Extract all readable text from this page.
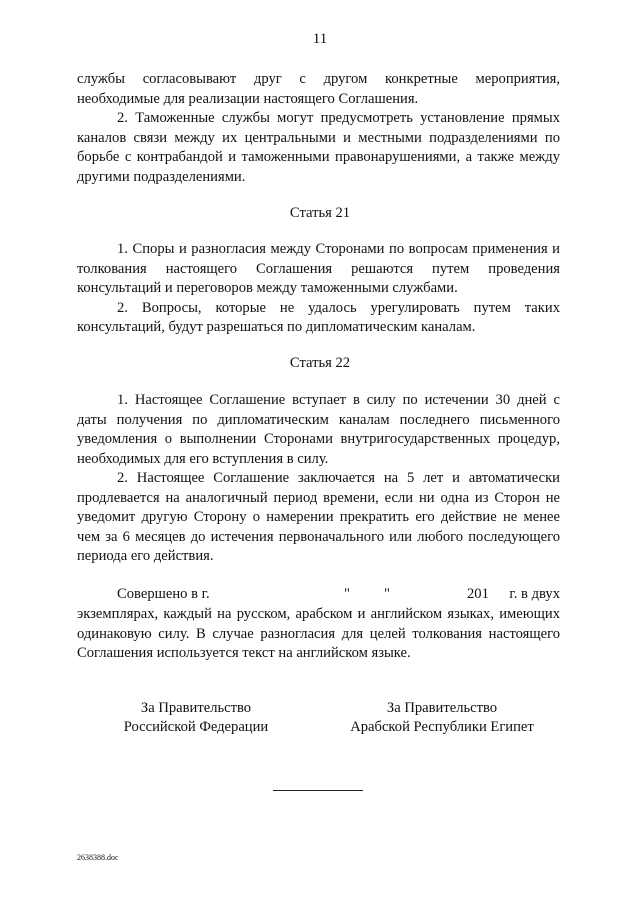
11

службы согласовывают друг с другом конкретные мероприятия, необходимые для реализации настоящего Соглашения.

2. Таможенные службы могут предусмотреть установление прямых каналов связи между их центральными и местными подразделениями по борьбе с контрабандой и таможенными правонарушениями, а также между другими подразделениями.

Статья 21

1. Споры и разногласия между Сторонами по вопросам применения и толкования настоящего Соглашения решаются путем проведения консультаций и переговоров между таможенными службами.

2. Вопросы, которые не удалось урегулировать путем таких консультаций, будут разрешаться по дипломатическим каналам.

Статья 22

1. Настоящее Соглашение вступает в силу по истечении 30 дней с даты получения по дипломатическим каналам последнего письменного уведомления о выполнении Сторонами внутригосударственных процедур, необходимых для его вступления в силу.

2. Настоящее Соглашение заключается на 5 лет и автоматически продлевается на аналогичный период времени, если ни одна из Сторон не уведомит другую Сторону о намерении прекратить его действие не менее чем за 6 месяцев до истечения первоначального или любого последующего периода его действия.

Совершено в г.	" "	201 г. в двух

экземплярах, каждый на русском, арабском и английском языках, имеющих одинаковую силу. В случае разногласия для целей толкования настоящего Соглашения используется текст на английском языке.

За Правительство
Российской Федерации
За Правительство
Арабской Республики Египет
2638388.doc
